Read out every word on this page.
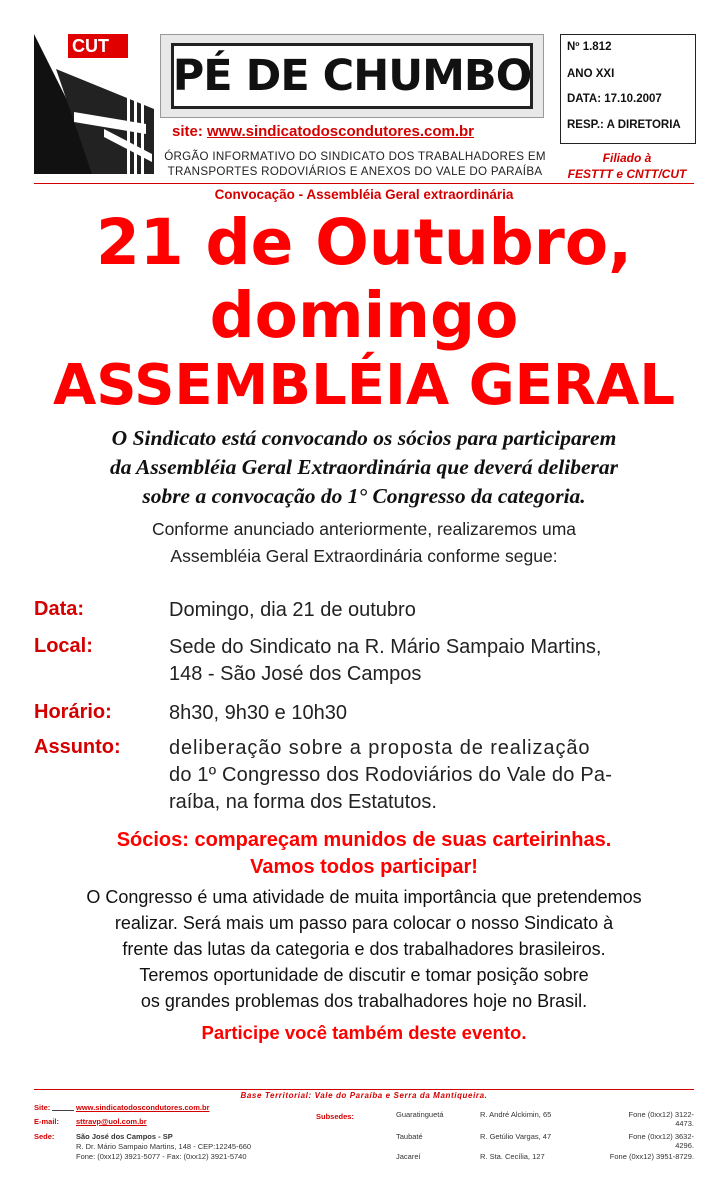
CUT
PÉ DE CHUMBO
site: www.sindicatodoscondutores.com.br
ÓRGÃO INFORMATIVO DO SINDICATO DOS TRABALHADORES EM
TRANSPORTES RODOVIÁRIOS E ANEXOS DO VALE DO PARAÍBA
Nº 1.812
ANO XXI
DATA: 17.10.2007
RESP.: A DIRETORIA
Filiado à
FESTTT e CNTT/CUT
Convocação - Assembléia Geral extraordinária
21 de Outubro,
domingo
ASSEMBLÉIA GERAL
O Sindicato está convocando os sócios para participarem
da Assembléia Geral Extraordinária que deverá deliberar
sobre a convocação do 1° Congresso da categoria.
Conforme anunciado anteriormente, realizaremos uma
Assembléia Geral Extraordinária conforme segue:
Data:	Domingo, dia 21 de outubro
Local:	Sede do Sindicato na R. Mário Sampaio Martins,
148 - São José dos Campos
Horário:	8h30, 9h30 e 10h30
Assunto: deliberação sobre a proposta de realização
do 1º Congresso dos Rodoviários do Vale do Pa-
raíba, na forma dos Estatutos.
Sócios: compareçam munidos de suas carteirinhas.
Vamos todos participar!
O Congresso é uma atividade de muita importância que pretendemos
realizar. Será mais um passo para colocar o nosso Sindicato à
frente das lutas da categoria e dos trabalhadores brasileiros.
Teremos oportunidade de discutir e tomar posição sobre
os grandes problemas dos trabalhadores hoje no Brasil.
Participe você também deste evento.
Base Territorial: Vale do Paraíba e Serra da Mantiqueira.
Site:	www.sindicatodoscondutores.com.br
E-mail: sttravp@uol.com.br
Sede:	São José dos Campos - SP
R. Dr. Mário Sampaio Martins, 148 - CEP:12245-660
Fone: (0xx12) 3921-5077 - Fax: (0xx12) 3921-5740
Subsedes:	Guaratinguetá	R. André Alckimin, 65	Fone (0xx12) 3122-
4473.
Taubaté	R. Getúlio Vargas, 47	Fone (0xx12) 3632-
4296.
Jacareí	R. Sta. Cecília, 127	Fone (0xx12) 3951-8729.
